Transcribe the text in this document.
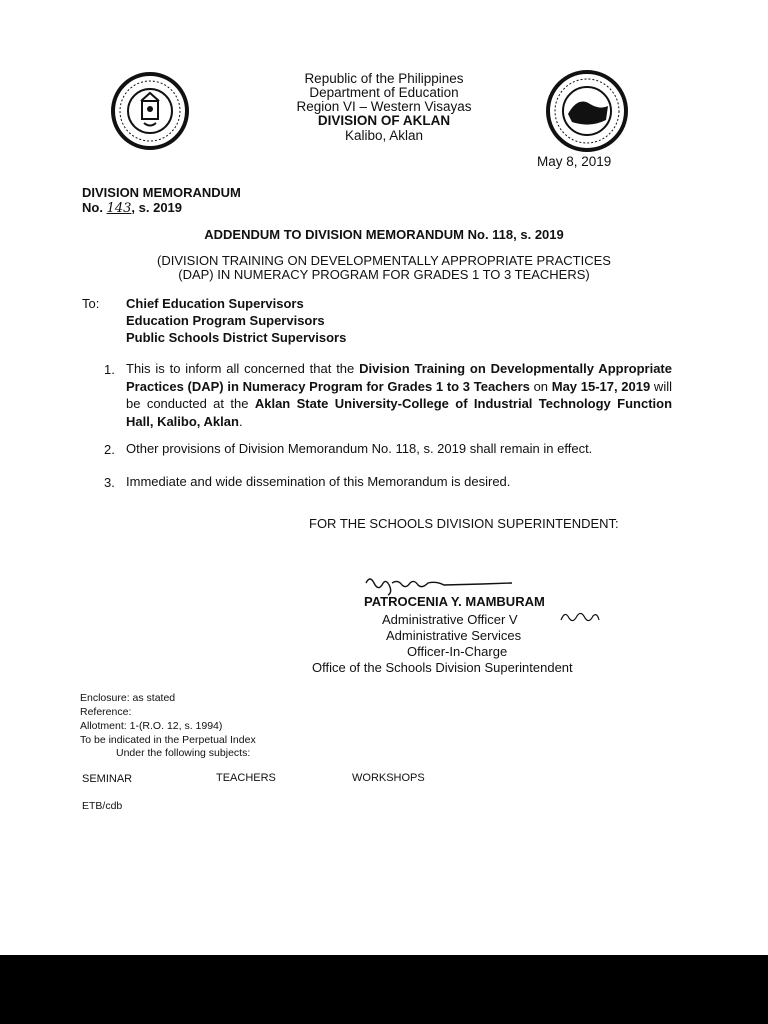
Republic of the Philippines
Department of Education
Region VI – Western Visayas
DIVISION OF AKLAN
Kalibo, Aklan
May 8, 2019
DIVISION MEMORANDUM
No. 143, s. 2019
ADDENDUM TO DIVISION MEMORANDUM No. 118, s. 2019
(DIVISION TRAINING ON DEVELOPMENTALLY APPROPRIATE PRACTICES
(DAP) IN NUMERACY PROGRAM FOR GRADES 1 TO 3 TEACHERS)
To: Chief Education Supervisors
Education Program Supervisors
Public Schools District Supervisors
1. This is to inform all concerned that the Division Training on Developmentally Appropriate Practices (DAP) in Numeracy Program for Grades 1 to 3 Teachers on May 15-17, 2019 will be conducted at the Aklan State University-College of Industrial Technology Function Hall, Kalibo, Aklan.
2. Other provisions of Division Memorandum No. 118, s. 2019 shall remain in effect.
3. Immediate and wide dissemination of this Memorandum is desired.
FOR THE SCHOOLS DIVISION SUPERINTENDENT:
PATROCENIA Y. MAMBURAM
Administrative Officer V
Administrative Services
Officer-In-Charge
Office of the Schools Division Superintendent
Enclosure: as stated
Reference:
Allotment: 1-(R.O. 12, s. 1994)
To be indicated in the Perpetual Index
Under the following subjects:
SEMINAR	TEACHERS	WORKSHOPS
ETB/cdb
